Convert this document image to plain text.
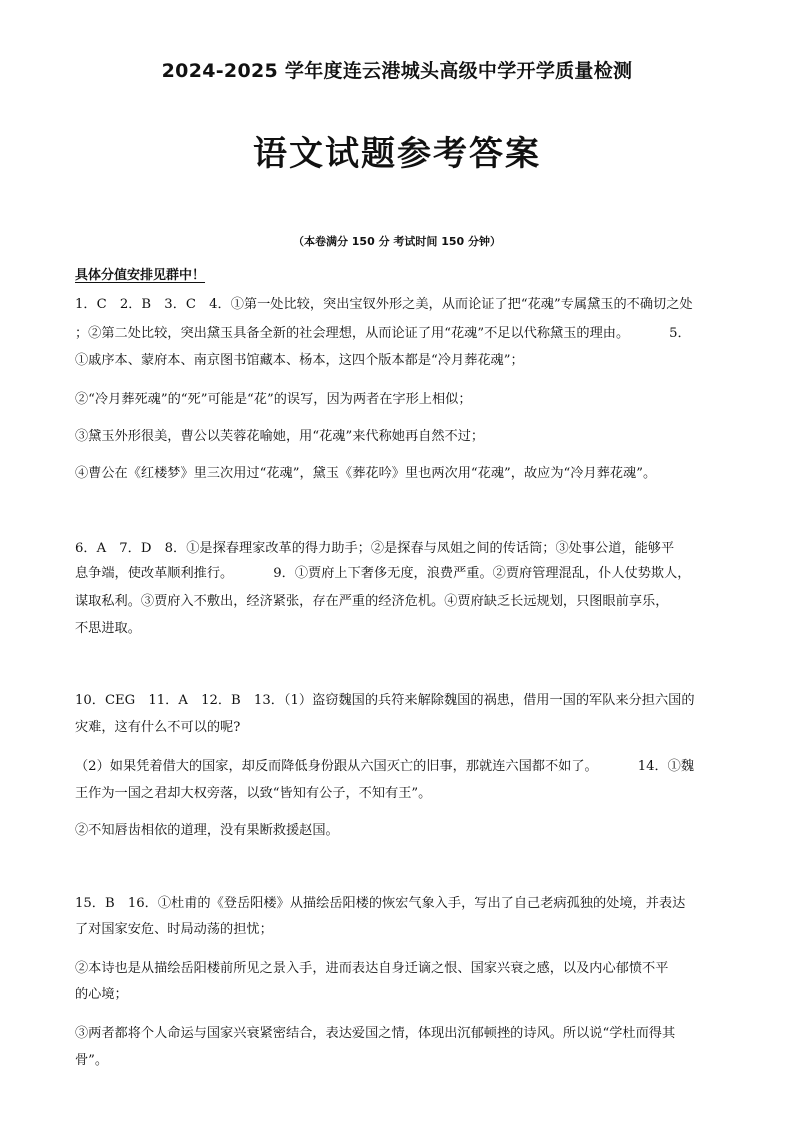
2024-2025 学年度连云港城头高级中学开学质量检测
语文试题参考答案
（本卷满分 150 分 考试时间 150 分钟）
具体分值安排见群中！
1．C　2．B　3．C　4．①第一处比较，突出宝钗外形之美，从而论证了把“花魂”专属黛玉的不确切之处
；②第二处比较，突出黛玉具备全新的社会理想，从而论证了用“花魂”不足以代称黛玉的理由。	5．
①戚序本、蒙府本、南京图书馆藏本、杨本，这四个版本都是“冷月葬花魂”；
②“冷月葬死魂”的“死”可能是“花”的误写，因为两者在字形上相似；
③黛玉外形很美，曹公以芙蓉花喻她，用“花魂”来代称她再自然不过；
④曹公在《红楼梦》里三次用过“花魂”，黛玉《葬花吟》里也两次用“花魂”，故应为“冷月葬花魂”。
6．A　7．D　8．①是探春理家改革的得力助手；②是探春与凤姐之间的传话筒；③处事公道，能够平
息争端，使改革顺利推行。	9．①贾府上下奢侈无度，浪费严重。②贾府管理混乱，仆人仗势欺人，
谋取私利。③贾府入不敷出，经济紧张，存在严重的经济危机。④贾府缺乏长远规划，只图眼前享乐，
不思进取。
10．CEG　11．A　12．B　13．（1）盗窃魏国的兵符来解除魏国的祸患，借用一国的军队来分担六国的
灾难，这有什么不可以的呢?
（2）如果凭着借大的国家，却反而降低身份跟从六国灭亡的旧事，那就连六国都不如了。	14．①魏
王作为一国之君却大权旁落，以致“皆知有公子，不知有王”。
②不知唇齿相依的道理，没有果断救援赵国。
15．B　16．①杜甫的《登岳阳楼》从描绘岳阳楼的恢宏气象入手，写出了自己老病孤独的处境，并表达
了对国家安危、时局动荡的担忧；
②本诗也是从描绘岳阳楼前所见之景入手，进而表达自身迁谪之恨、国家兴衰之感，以及内心郁愤不平
的心境；
③两者都将个人命运与国家兴衰紧密结合，表达爱国之情，体现出沉郁顿挫的诗风。所以说“学杜而得其
骨”。
